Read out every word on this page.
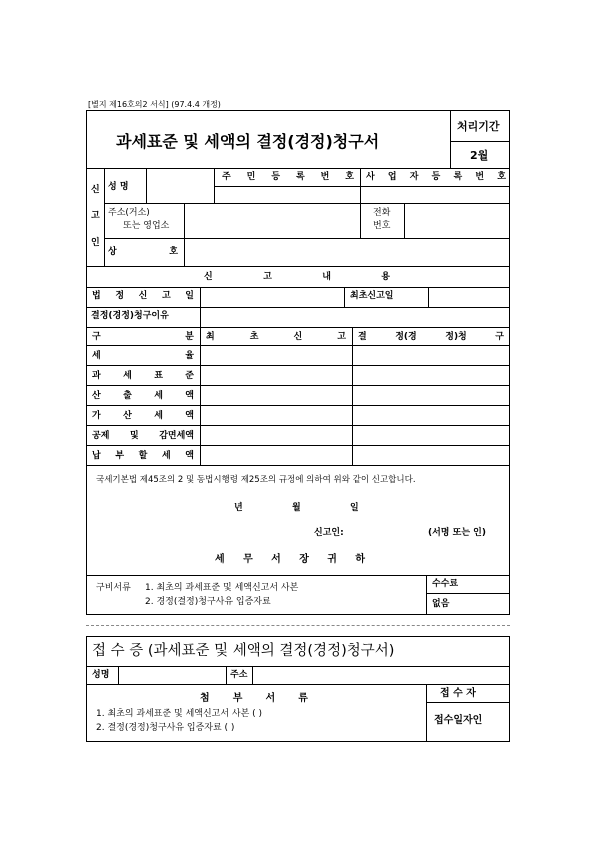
[별지 제16호의2 서식] (97.4.4 개정)
과세표준 및 세액의 결정(경정)청구서
처리기간
2월
신
고
인
성 명
주 민 등 록 번 호 사 업 자 등 록 번 호
주소(거소)
또는 영업소
전화
번호
상	호
신	고	내	용
법 정 신 고 일	최초신고일
결정(경정)청구이유
구	분 최	초	신	고 결	정(경	정)청	구
세	율
과 세 표 준
산 출 세 액
가 산 세 액
공제 및 감면세액
납 부 할 세 액
국세기본법 제45조의 2 및 동법시행령 제25조의 규정에 의하여 위와 같이 신고합니다.
년	월	일
신고인:	(서명 또는 인)
세 무 서 장 귀 하
구비서류 1. 최초의 과세표준 및 세액신고서 사본
2. 경정(결정)청구사유 입증자료
수수료
없음
접 수 증 (과세표준 및 세액의 결정(경정)청구서)
성명	주소
첨 부 서 류
1. 최초의 과세표준 및 세액신고서 사본 ( )
2. 결정(경정)청구사유 입증자료 ( )
접 수 자
접수일자인
